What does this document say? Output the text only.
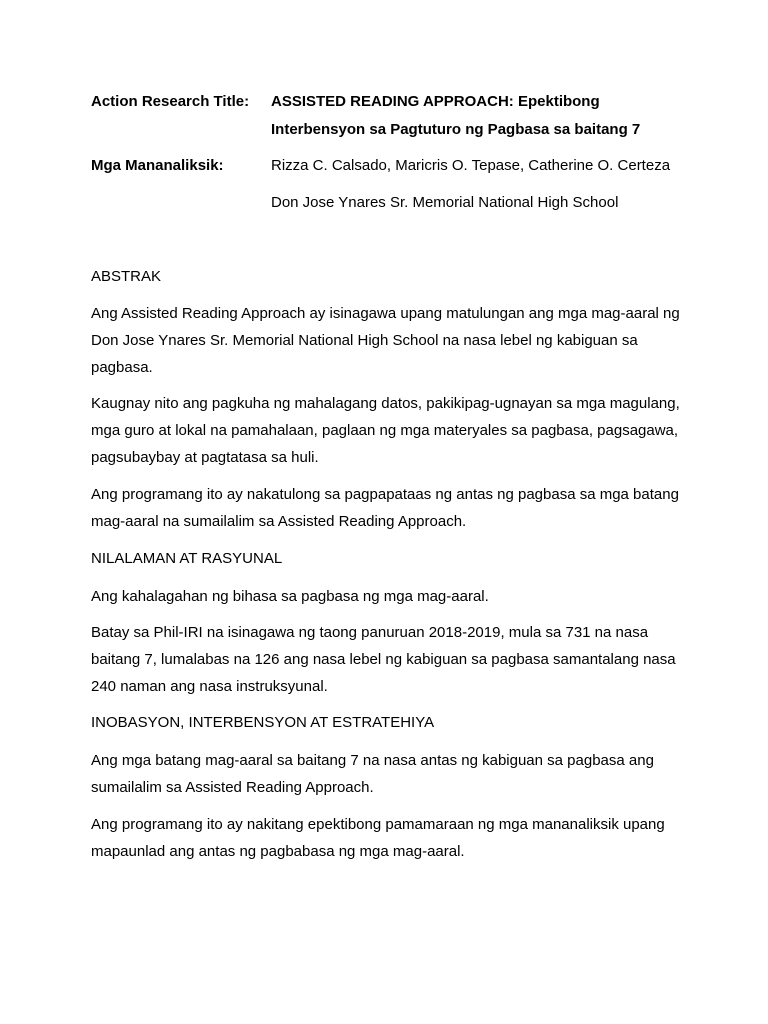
Action Research Title:	ASSISTED READING APPROACH: Epektibong
Interbensyon sa Pagtuturo ng Pagbasa sa baitang 7
Mga Mananaliksik:	Rizza C. Calsado, Maricris O. Tepase, Catherine O. Certeza
Don Jose Ynares Sr. Memorial National High School
ABSTRAK
Ang Assisted Reading Approach ay isinagawa upang matulungan ang mga mag-aaral ng Don Jose Ynares Sr. Memorial National High School na nasa lebel ng kabiguan sa pagbasa.
Kaugnay nito ang pagkuha ng mahalagang datos, pakikipag-ugnayan sa mga magulang, mga guro at lokal na pamahalaan, paglaan ng mga materyales sa pagbasa, pagsagawa, pagsubaybay at pagtatasa sa huli.
Ang programang ito ay nakatulong sa pagpapataas ng antas ng pagbasa sa mga batang mag-aaral na sumailalim sa Assisted Reading Approach.
NILALAMAN AT RASYUNAL
Ang kahalagahan ng bihasa sa pagbasa ng mga mag-aaral.
Batay sa Phil-IRI na isinagawa ng taong panuruan 2018-2019, mula sa 731 na nasa baitang 7, lumalabas na 126 ang nasa lebel ng kabiguan sa pagbasa samantalang nasa 240 naman ang nasa instruksyunal.
INOBASYON, INTERBENSYON AT ESTRATEHIYA
Ang mga batang mag-aaral sa baitang 7 na nasa antas ng kabiguan sa pagbasa ang sumailalim sa Assisted Reading Approach.
Ang programang ito ay nakitang epektibong pamamaraan ng mga mananaliksik upang mapaunlad ang antas ng pagbabasa ng mga mag-aaral.
